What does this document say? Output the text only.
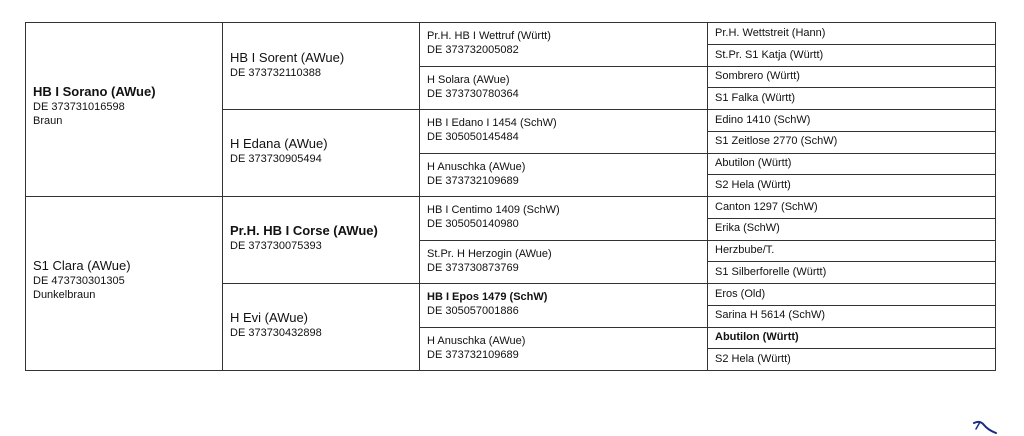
HB I Sorano (AWue)
DE 373731016598
Braun
S1 Clara (AWue)
DE 473730301305
Dunkelbraun
HB I Sorent (AWue)
DE 373732110388
H Edana (AWue)
DE 373730905494
Pr.H. HB I Corse (AWue)
DE 373730075393
H Evi (AWue)
DE 373730432898
Pr.H. HB I Wettruf (Württ)
DE 373732005082
H Solara (AWue)
DE 373730780364
HB I Edano I 1454 (SchW)
DE 305050145484
H Anuschka (AWue)
DE 373732109689
HB I Centimo 1409 (SchW)
DE 305050140980
St.Pr. H Herzogin (AWue)
DE 373730873769
HB I Epos 1479 (SchW)
DE 305057001886
H Anuschka (AWue)
DE 373732109689
Pr.H. Wettstreit (Hann)
St.Pr. S1 Katja (Württ)
Sombrero (Württ)
S1 Falka (Württ)
Edino 1410 (SchW)
S1 Zeitlose 2770 (SchW)
Abutilon (Württ)
S2 Hela (Württ)
Canton 1297 (SchW)
Erika (SchW)
Herzbube/T.
S1 Silberforelle (Württ)
Eros (Old)
Sarina H 5614 (SchW)
Abutilon (Württ)
S2 Hela (Württ)
